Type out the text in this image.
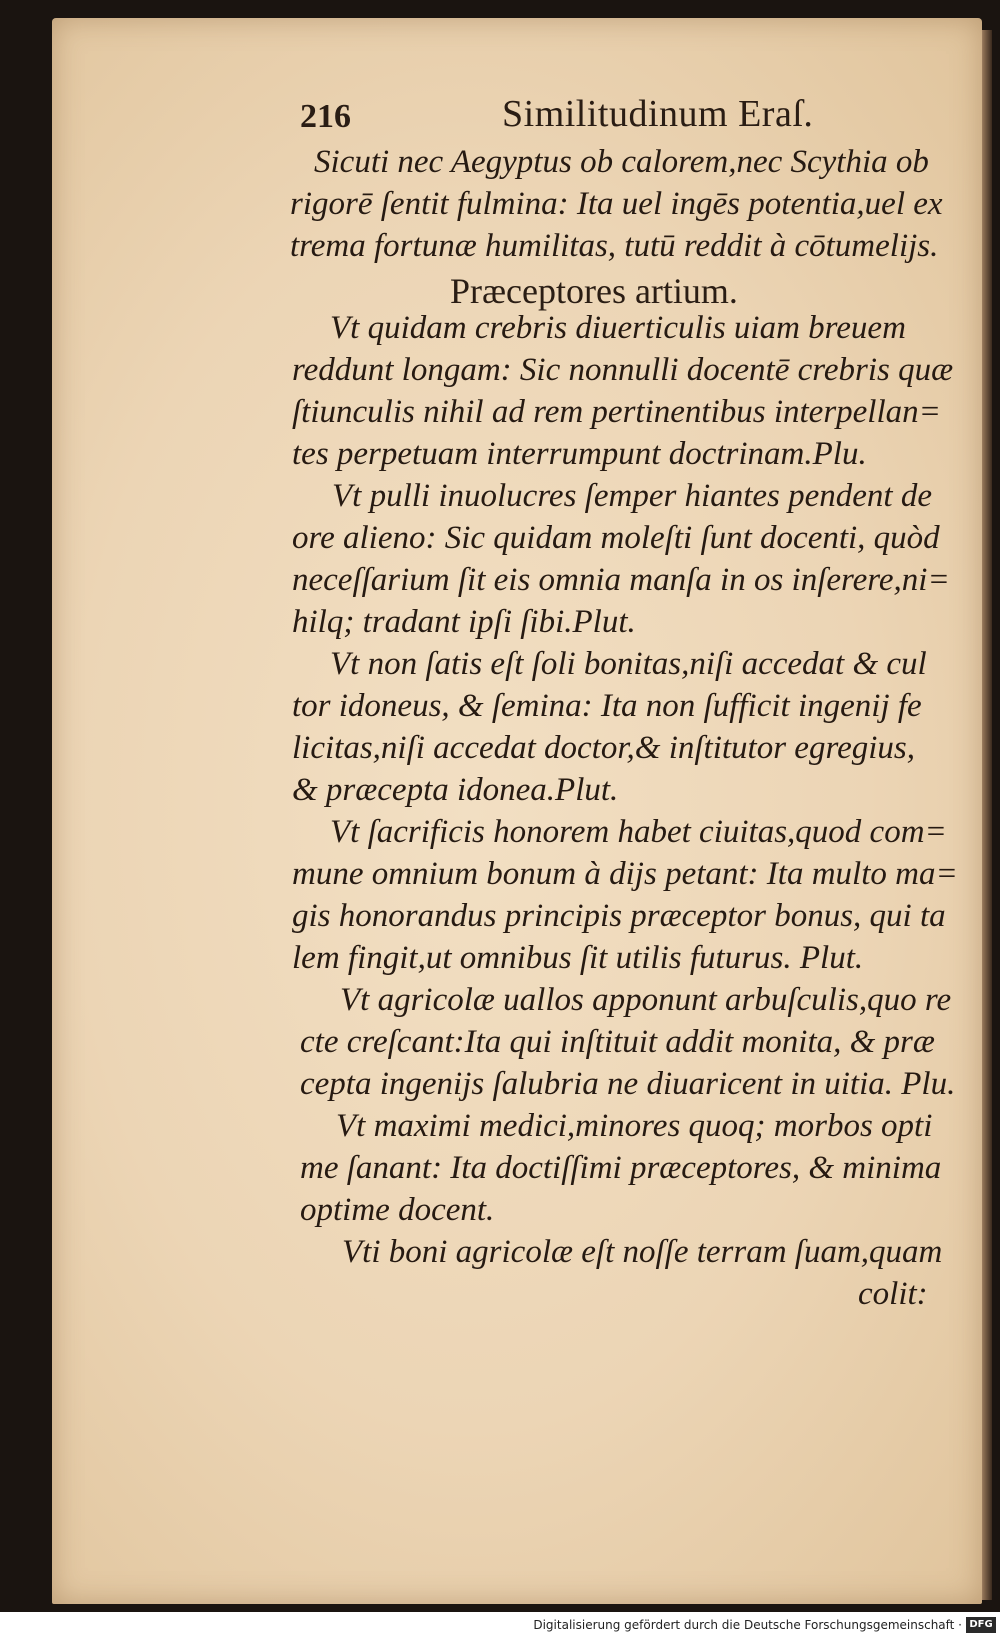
216	Similitudinum Eraſ.
Sicuti nec Aegyptus ob calorem,nec Scythia ob
rigorē ſentit fulmina: Ita uel ingēs potentia,uel ex
trema fortunæ humilitas, tutū reddit à cōtumelijs.
Præceptores artium.
Vt quidam crebris diuerticulis uiam breuem
reddunt longam: Sic nonnulli docentē crebris quæ
ſtiunculis nihil ad rem pertinentibus interpellan=
tes perpetuam interrumpunt doctrinam.Plu.
Vt pulli inuolucres ſemper hiantes pendent de
ore alieno: Sic quidam moleſti ſunt docenti, quòd
neceſſarium ſit eis omnia manſa in os inſerere,ni=
hilq; tradant ipſi ſibi.Plut.
Vt non ſatis eſt ſoli bonitas,niſi accedat & cul
tor idoneus, & ſemina: Ita non ſufficit ingenij fe
licitas,niſi accedat doctor,& inſtitutor egregius,
& præcepta idonea.Plut.
Vt ſacrificis honorem habet ciuitas,quod com=
mune omnium bonum à dijs petant: Ita multo ma=
gis honorandus principis præceptor bonus, qui ta
lem fingit,ut omnibus ſit utilis futurus. Plut.
Vt agricolæ uallos apponunt arbuſculis,quo re
cte creſcant:Ita qui inſtituit addit monita, & præ
cepta ingenijs ſalubria ne diuaricent in uitia. Plu.
Vt maximi medici,minores quoq; morbos opti
me ſanant: Ita doctiſſimi præceptores, & minima
optime docent.
Vti boni agricolæ eſt noſſe terram ſuam,quam
colit:
Digitalisierung gefördert durch die Deutsche Forschungsgemeinschaft · DFG
